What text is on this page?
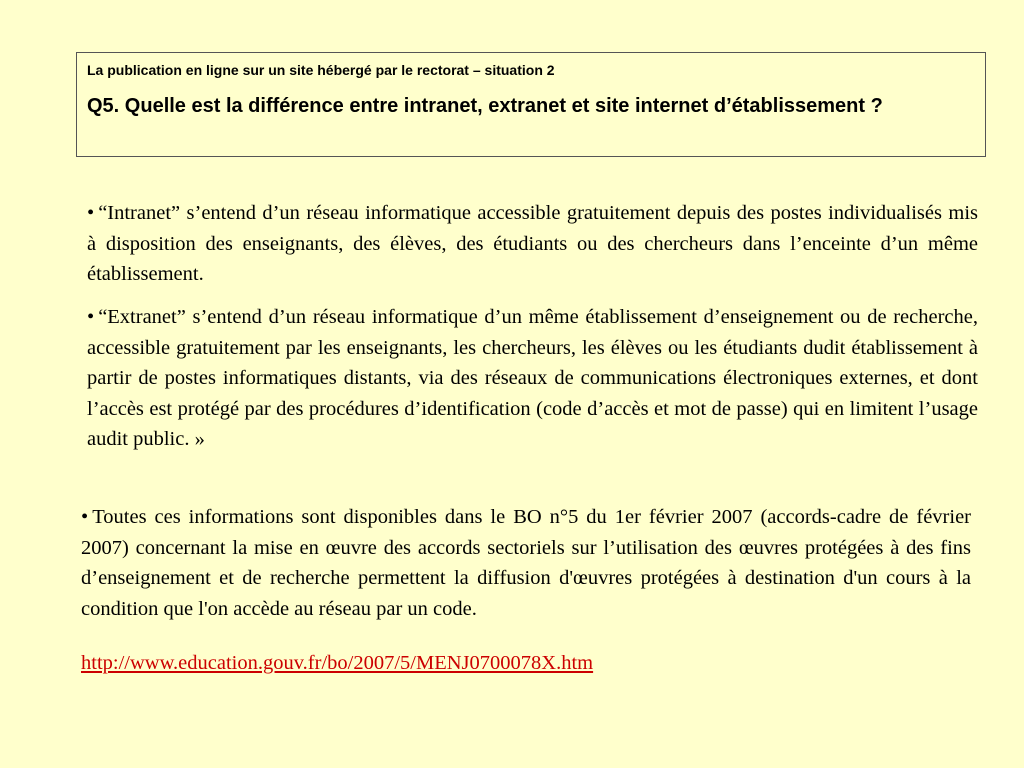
La publication en ligne sur un site hébergé par le rectorat – situation 2

Q5. Quelle est la différence entre intranet, extranet et site internet d’établissement ?

• “Intranet” s’entend d’un réseau informatique accessible gratuitement depuis des postes individualisés mis à disposition des enseignants, des élèves, des étudiants ou des chercheurs dans l’enceinte d’un même établissement.

• “Extranet” s’entend d’un réseau informatique d’un même établissement d’enseignement ou de recherche, accessible gratuitement par les enseignants, les chercheurs, les élèves ou les étudiants dudit établissement à partir de postes informatiques distants, via des réseaux de communications électroniques externes, et dont l’accès est protégé par des procédures d’identification (code d’accès et mot de passe) qui en limitent l’usage audit public. »

• Toutes ces informations sont disponibles dans le BO n°5 du 1er février 2007 (accords-cadre de février 2007) concernant la mise en œuvre des accords sectoriels sur l’utilisation des œuvres protégées à des fins d’enseignement et de recherche permettent la diffusion d'œuvres protégées à destination d'un cours à la condition que l'on accède au réseau par un code.

http://www.education.gouv.fr/bo/2007/5/MENJ0700078X.htm
